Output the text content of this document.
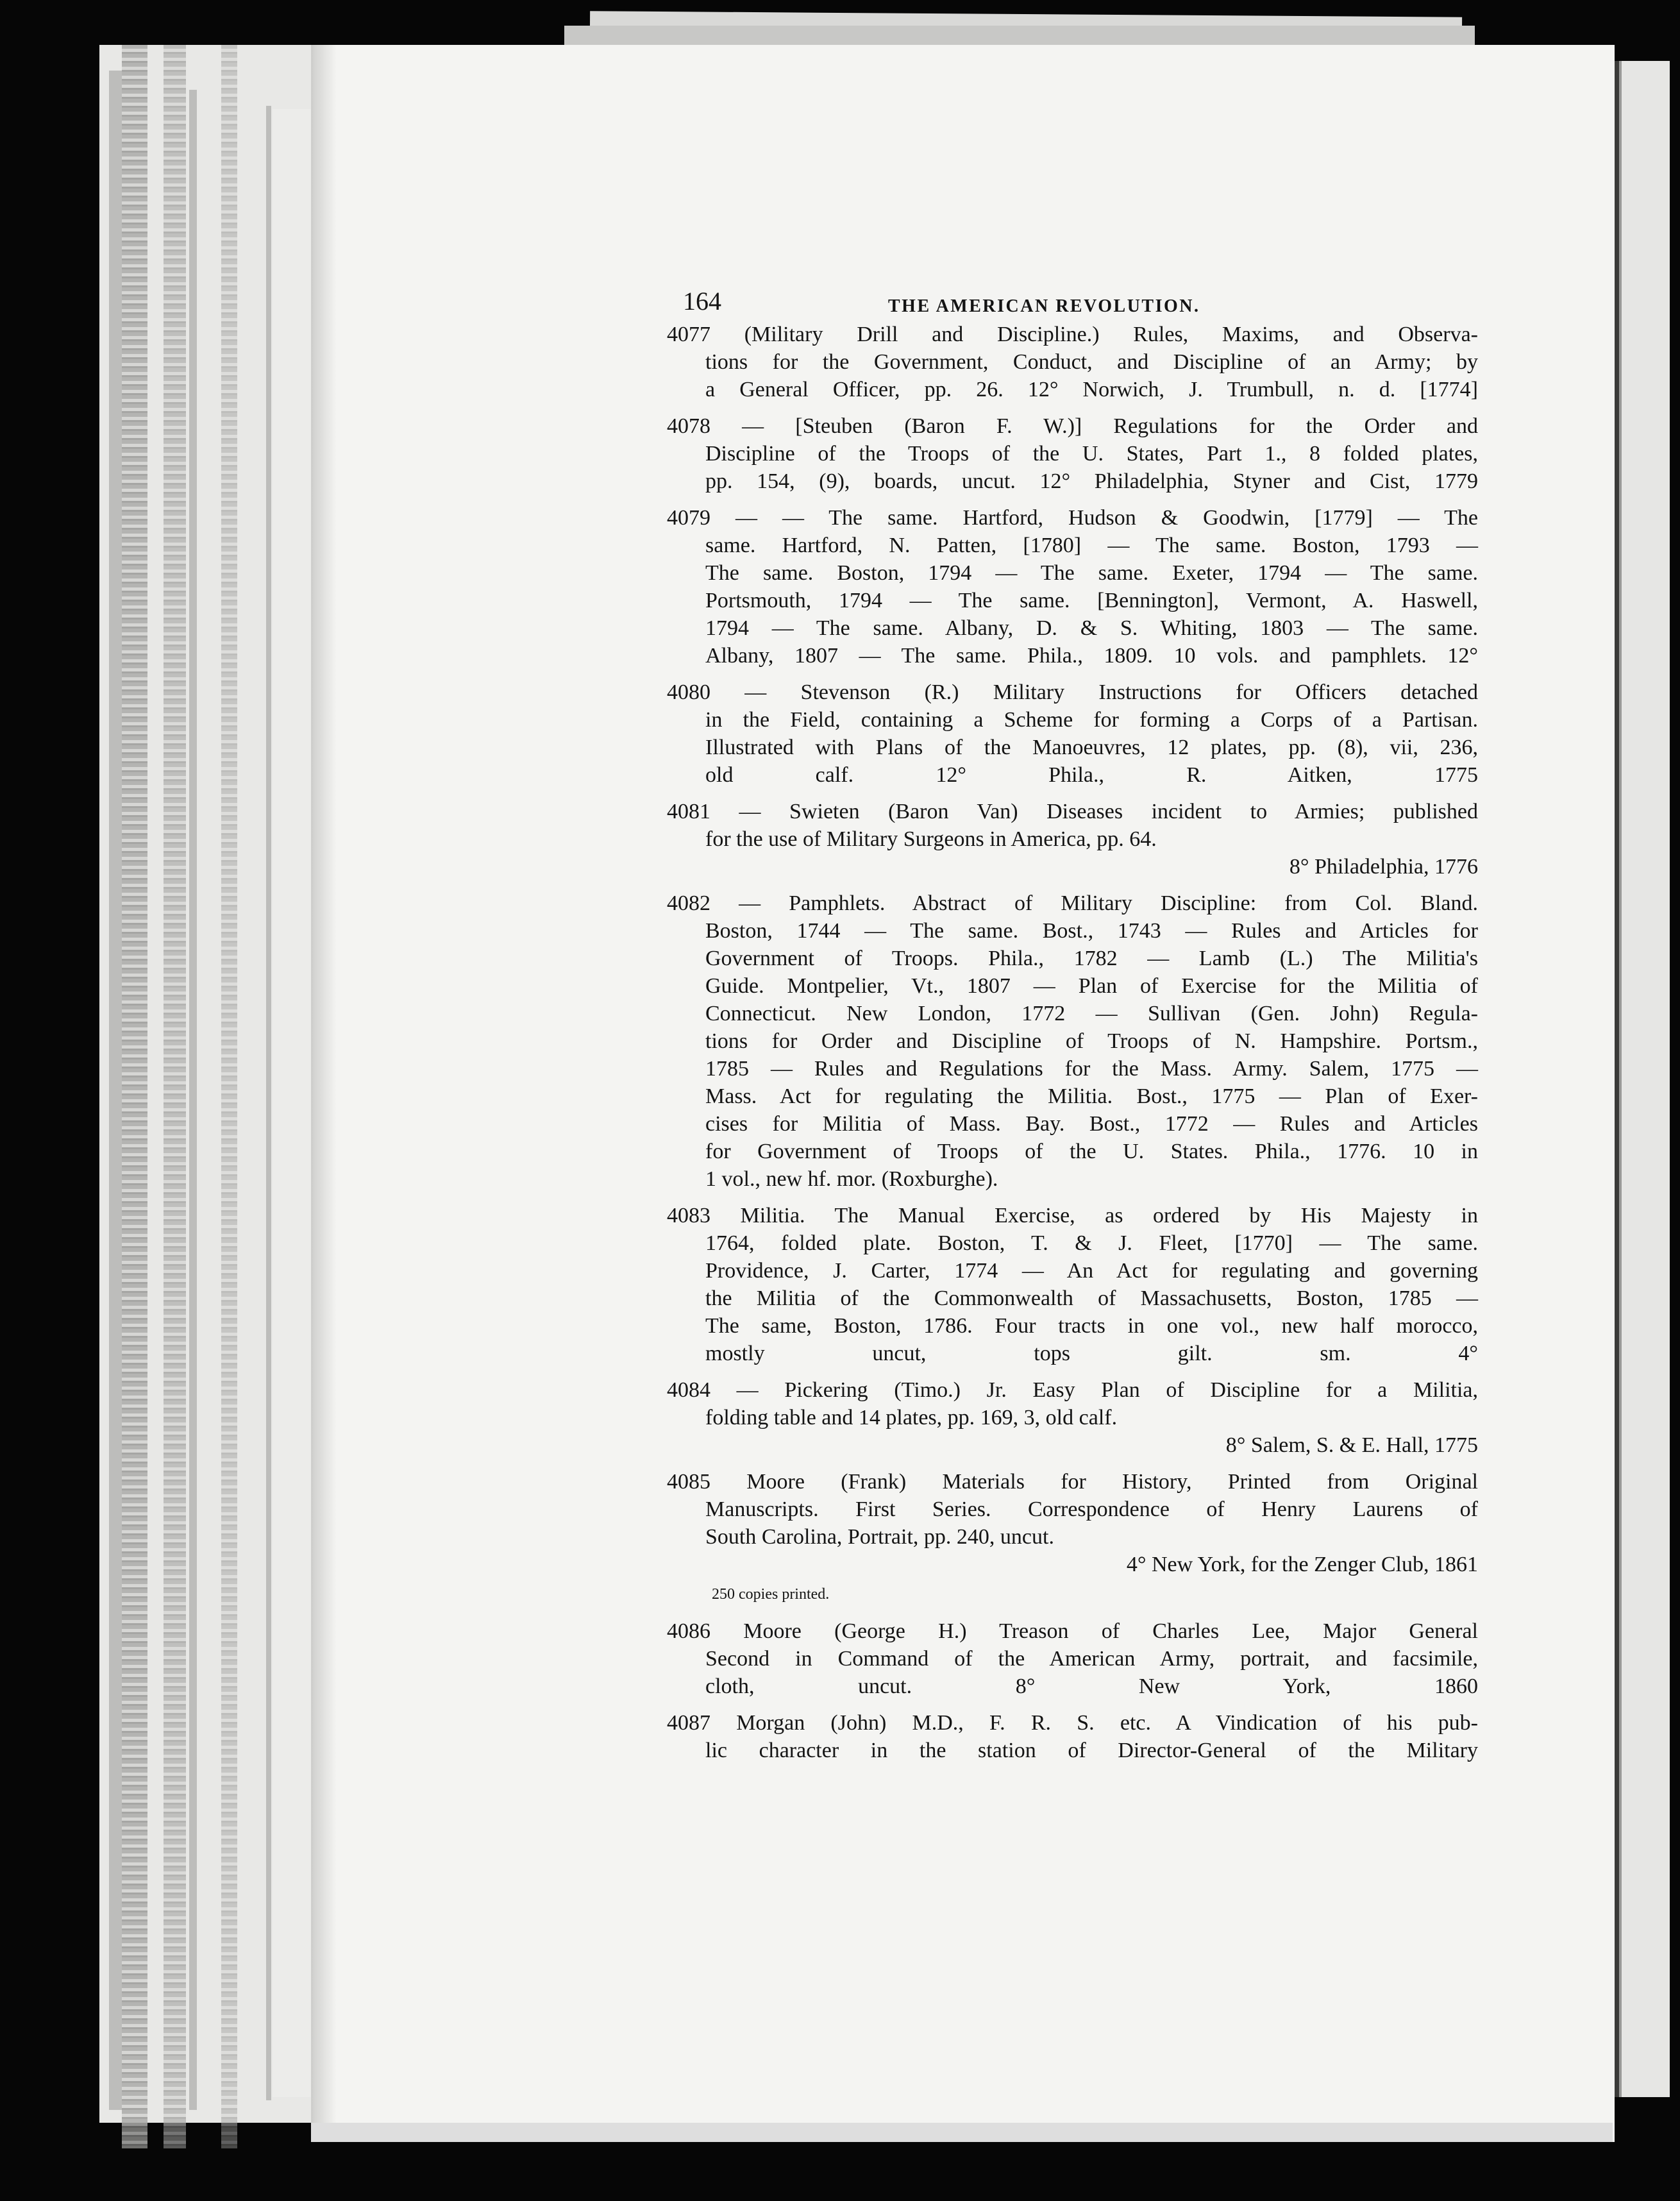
164	THE AMERICAN REVOLUTION.
4077 (Military Drill and Discipline.) Rules, Maxims, and Observa-
tions for the Government, Conduct, and Discipline of an Army; by
a General Officer, pp. 26. 12° Norwich, J. Trumbull, n. d. [1774]
4078 — [Steuben (Baron F. W.)] Regulations for the Order and
Discipline of the Troops of the U. States, Part 1., 8 folded plates,
pp. 154, (9), boards, uncut. 12° Philadelphia, Styner and Cist, 1779
4079 — — The same. Hartford, Hudson & Goodwin, [1779] — The
same. Hartford, N. Patten, [1780] — The same. Boston, 1793 —
The same. Boston, 1794 — The same. Exeter, 1794 — The same.
Portsmouth, 1794 — The same. [Bennington], Vermont, A. Haswell,
1794 — The same. Albany, D. & S. Whiting, 1803 — The same.
Albany, 1807 — The same. Phila., 1809. 10 vols. and pamphlets. 12°
4080 — Stevenson (R.) Military Instructions for Officers detached
in the Field, containing a Scheme for forming a Corps of a Partisan.
Illustrated with Plans of the Manoeuvres, 12 plates, pp. (8), vii, 236,
old calf. 12° Phila., R. Aitken, 1775
4081 — Swieten (Baron Van) Diseases incident to Armies; published
for the use of Military Surgeons in America, pp. 64.
8° Philadelphia, 1776
4082 — Pamphlets. Abstract of Military Discipline: from Col. Bland.
Boston, 1744 — The same. Bost., 1743 — Rules and Articles for
Government of Troops. Phila., 1782 — Lamb (L.) The Militia's
Guide. Montpelier, Vt., 1807 — Plan of Exercise for the Militia of
Connecticut. New London, 1772 — Sullivan (Gen. John) Regula-
tions for Order and Discipline of Troops of N. Hampshire. Portsm.,
1785 — Rules and Regulations for the Mass. Army. Salem, 1775 —
Mass. Act for regulating the Militia. Bost., 1775 — Plan of Exer-
cises for Militia of Mass. Bay. Bost., 1772 — Rules and Articles
for Government of Troops of the U. States. Phila., 1776. 10 in
1 vol., new hf. mor. (Roxburghe).
4083 Militia. The Manual Exercise, as ordered by His Majesty in
1764, folded plate. Boston, T. & J. Fleet, [1770] — The same.
Providence, J. Carter, 1774 — An Act for regulating and governing
the Militia of the Commonwealth of Massachusetts, Boston, 1785 —
The same, Boston, 1786. Four tracts in one vol., new half morocco,
mostly uncut, tops gilt. sm. 4°
4084 — Pickering (Timo.) Jr. Easy Plan of Discipline for a Militia,
folding table and 14 plates, pp. 169, 3, old calf.
8° Salem, S. & E. Hall, 1775
4085 Moore (Frank) Materials for History, Printed from Original
Manuscripts. First Series. Correspondence of Henry Laurens of
South Carolina, Portrait, pp. 240, uncut.
4° New York, for the Zenger Club, 1861
250 copies printed.
4086 Moore (George H.) Treason of Charles Lee, Major General
Second in Command of the American Army, portrait, and facsimile,
cloth, uncut. 8° New York, 1860
4087 Morgan (John) M.D., F. R. S. etc. A Vindication of his pub-
lic character in the station of Director-General of the Military
